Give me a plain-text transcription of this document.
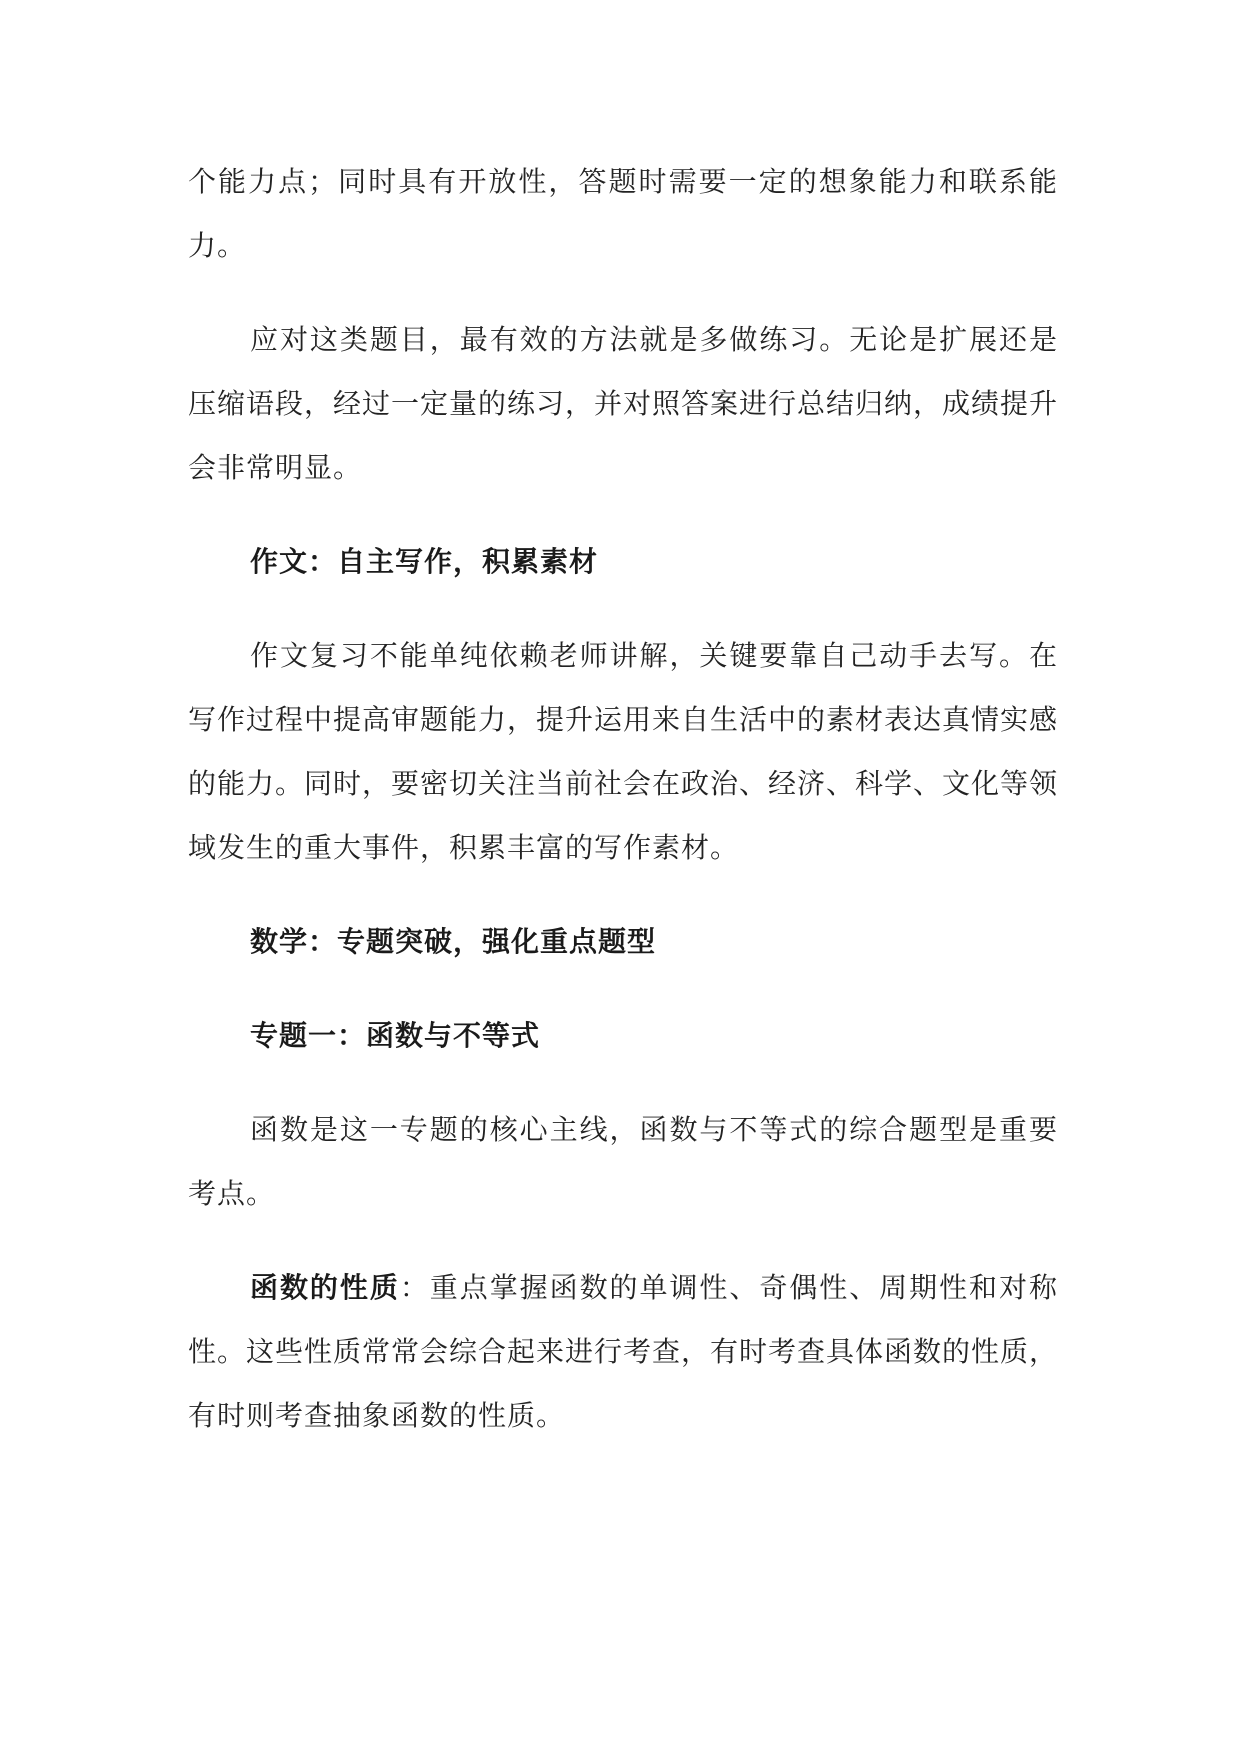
个能力点；同时具有开放性，答题时需要一定的想象能力和联系能力。

应对这类题目，最有效的方法就是多做练习。无论是扩展还是压缩语段，经过一定量的练习，并对照答案进行总结归纳，成绩提升会非常明显。

作文：自主写作，积累素材

作文复习不能单纯依赖老师讲解，关键要靠自己动手去写。在写作过程中提高审题能力，提升运用来自生活中的素材表达真情实感的能力。同时，要密切关注当前社会在政治、经济、科学、文化等领域发生的重大事件，积累丰富的写作素材。

数学：专题突破，强化重点题型

专题一：函数与不等式

函数是这一专题的核心主线，函数与不等式的综合题型是重要考点。

函数的性质：重点掌握函数的单调性、奇偶性、周期性和对称性。这些性质常常会综合起来进行考查，有时考查具体函数的性质，有时则考查抽象函数的性质。
